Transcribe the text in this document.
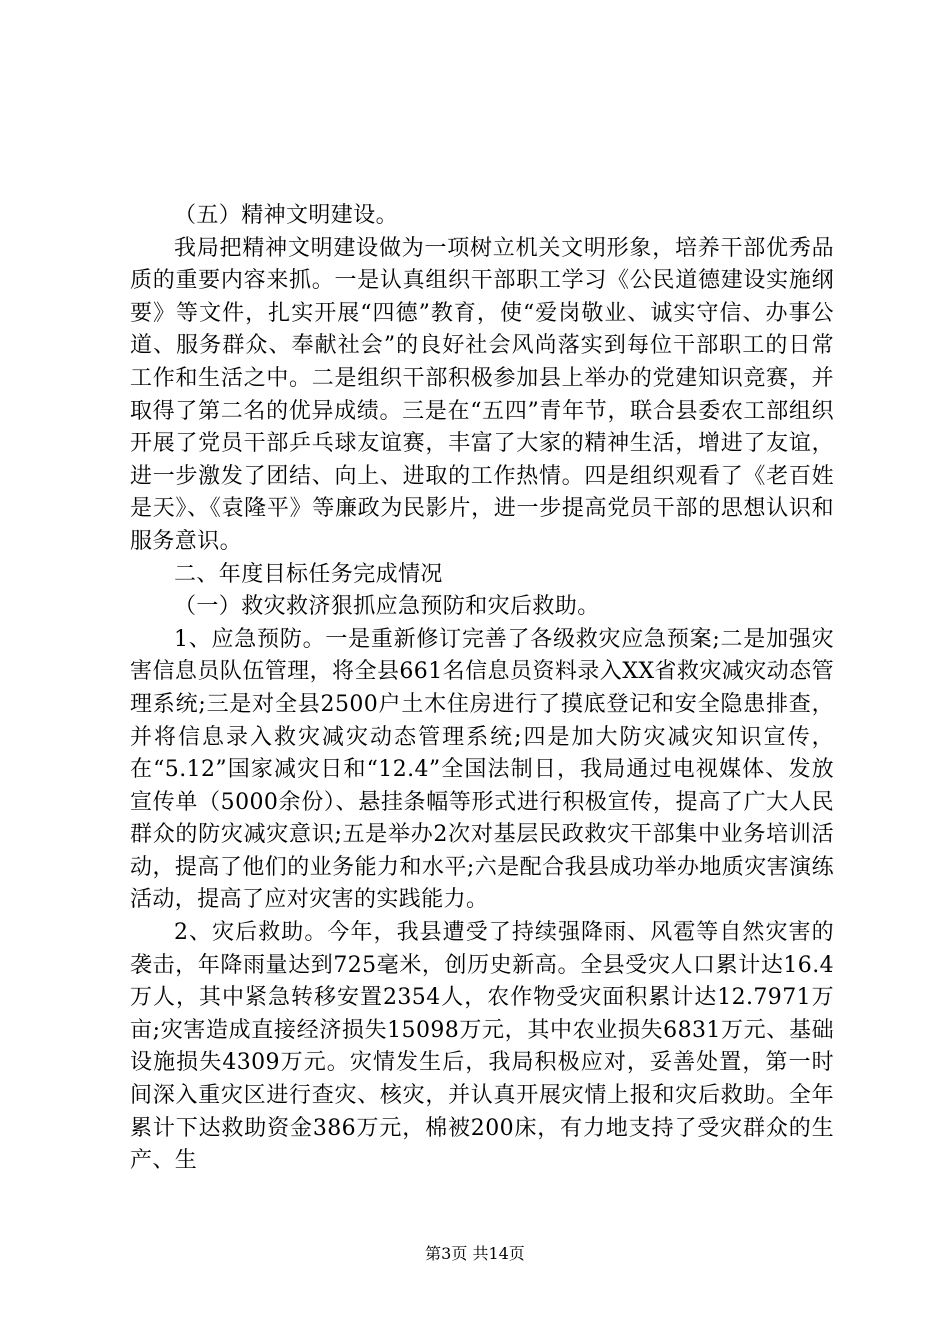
（五）精神文明建设。

我局把精神文明建设做为一项树立机关文明形象，培养干部优秀品质的重要内容来抓。一是认真组织干部职工学习《公民道德建设实施纲要》等文件，扎实开展“四德”教育，使“爱岗敬业、诚实守信、办事公道、服务群众、奉献社会”的良好社会风尚落实到每位干部职工的日常工作和生活之中。二是组织干部积极参加县上举办的党建知识竞赛，并取得了第二名的优异成绩。三是在“五四”青年节，联合县委农工部组织开展了党员干部乒乓球友谊赛，丰富了大家的精神生活，增进了友谊，进一步激发了团结、向上、进取的工作热情。四是组织观看了《老百姓是天》、《袁隆平》等廉政为民影片，进一步提高党员干部的思想认识和服务意识。

二、年度目标任务完成情况

（一）救灾救济狠抓应急预防和灾后救助。

1、应急预防。一是重新修订完善了各级救灾应急预案;二是加强灾害信息员队伍管理，将全县661名信息员资料录入XX省救灾减灾动态管理系统;三是对全县2500户土木住房进行了摸底登记和安全隐患排查，并将信息录入救灾减灾动态管理系统;四是加大防灾减灾知识宣传，在“5.12”国家减灾日和“12.4”全国法制日，我局通过电视媒体、发放宣传单（5000余份）、悬挂条幅等形式进行积极宣传，提高了广大人民群众的防灾减灾意识;五是举办2次对基层民政救灾干部集中业务培训活动，提高了他们的业务能力和水平;六是配合我县成功举办地质灾害演练活动，提高了应对灾害的实践能力。

2、灾后救助。今年，我县遭受了持续强降雨、风雹等自然灾害的袭击，年降雨量达到725毫米，创历史新高。全县受灾人口累计达16.4万人，其中紧急转移安置2354人，农作物受灾面积累计达12.7971万亩;灾害造成直接经济损失15098万元，其中农业损失6831万元、基础设施损失4309万元。灾情发生后，我局积极应对，妥善处置，第一时间深入重灾区进行查灾、核灾，并认真开展灾情上报和灾后救助。全年累计下达救助资金386万元，棉被200床，有力地支持了受灾群众的生产、生

第3页 共14页
